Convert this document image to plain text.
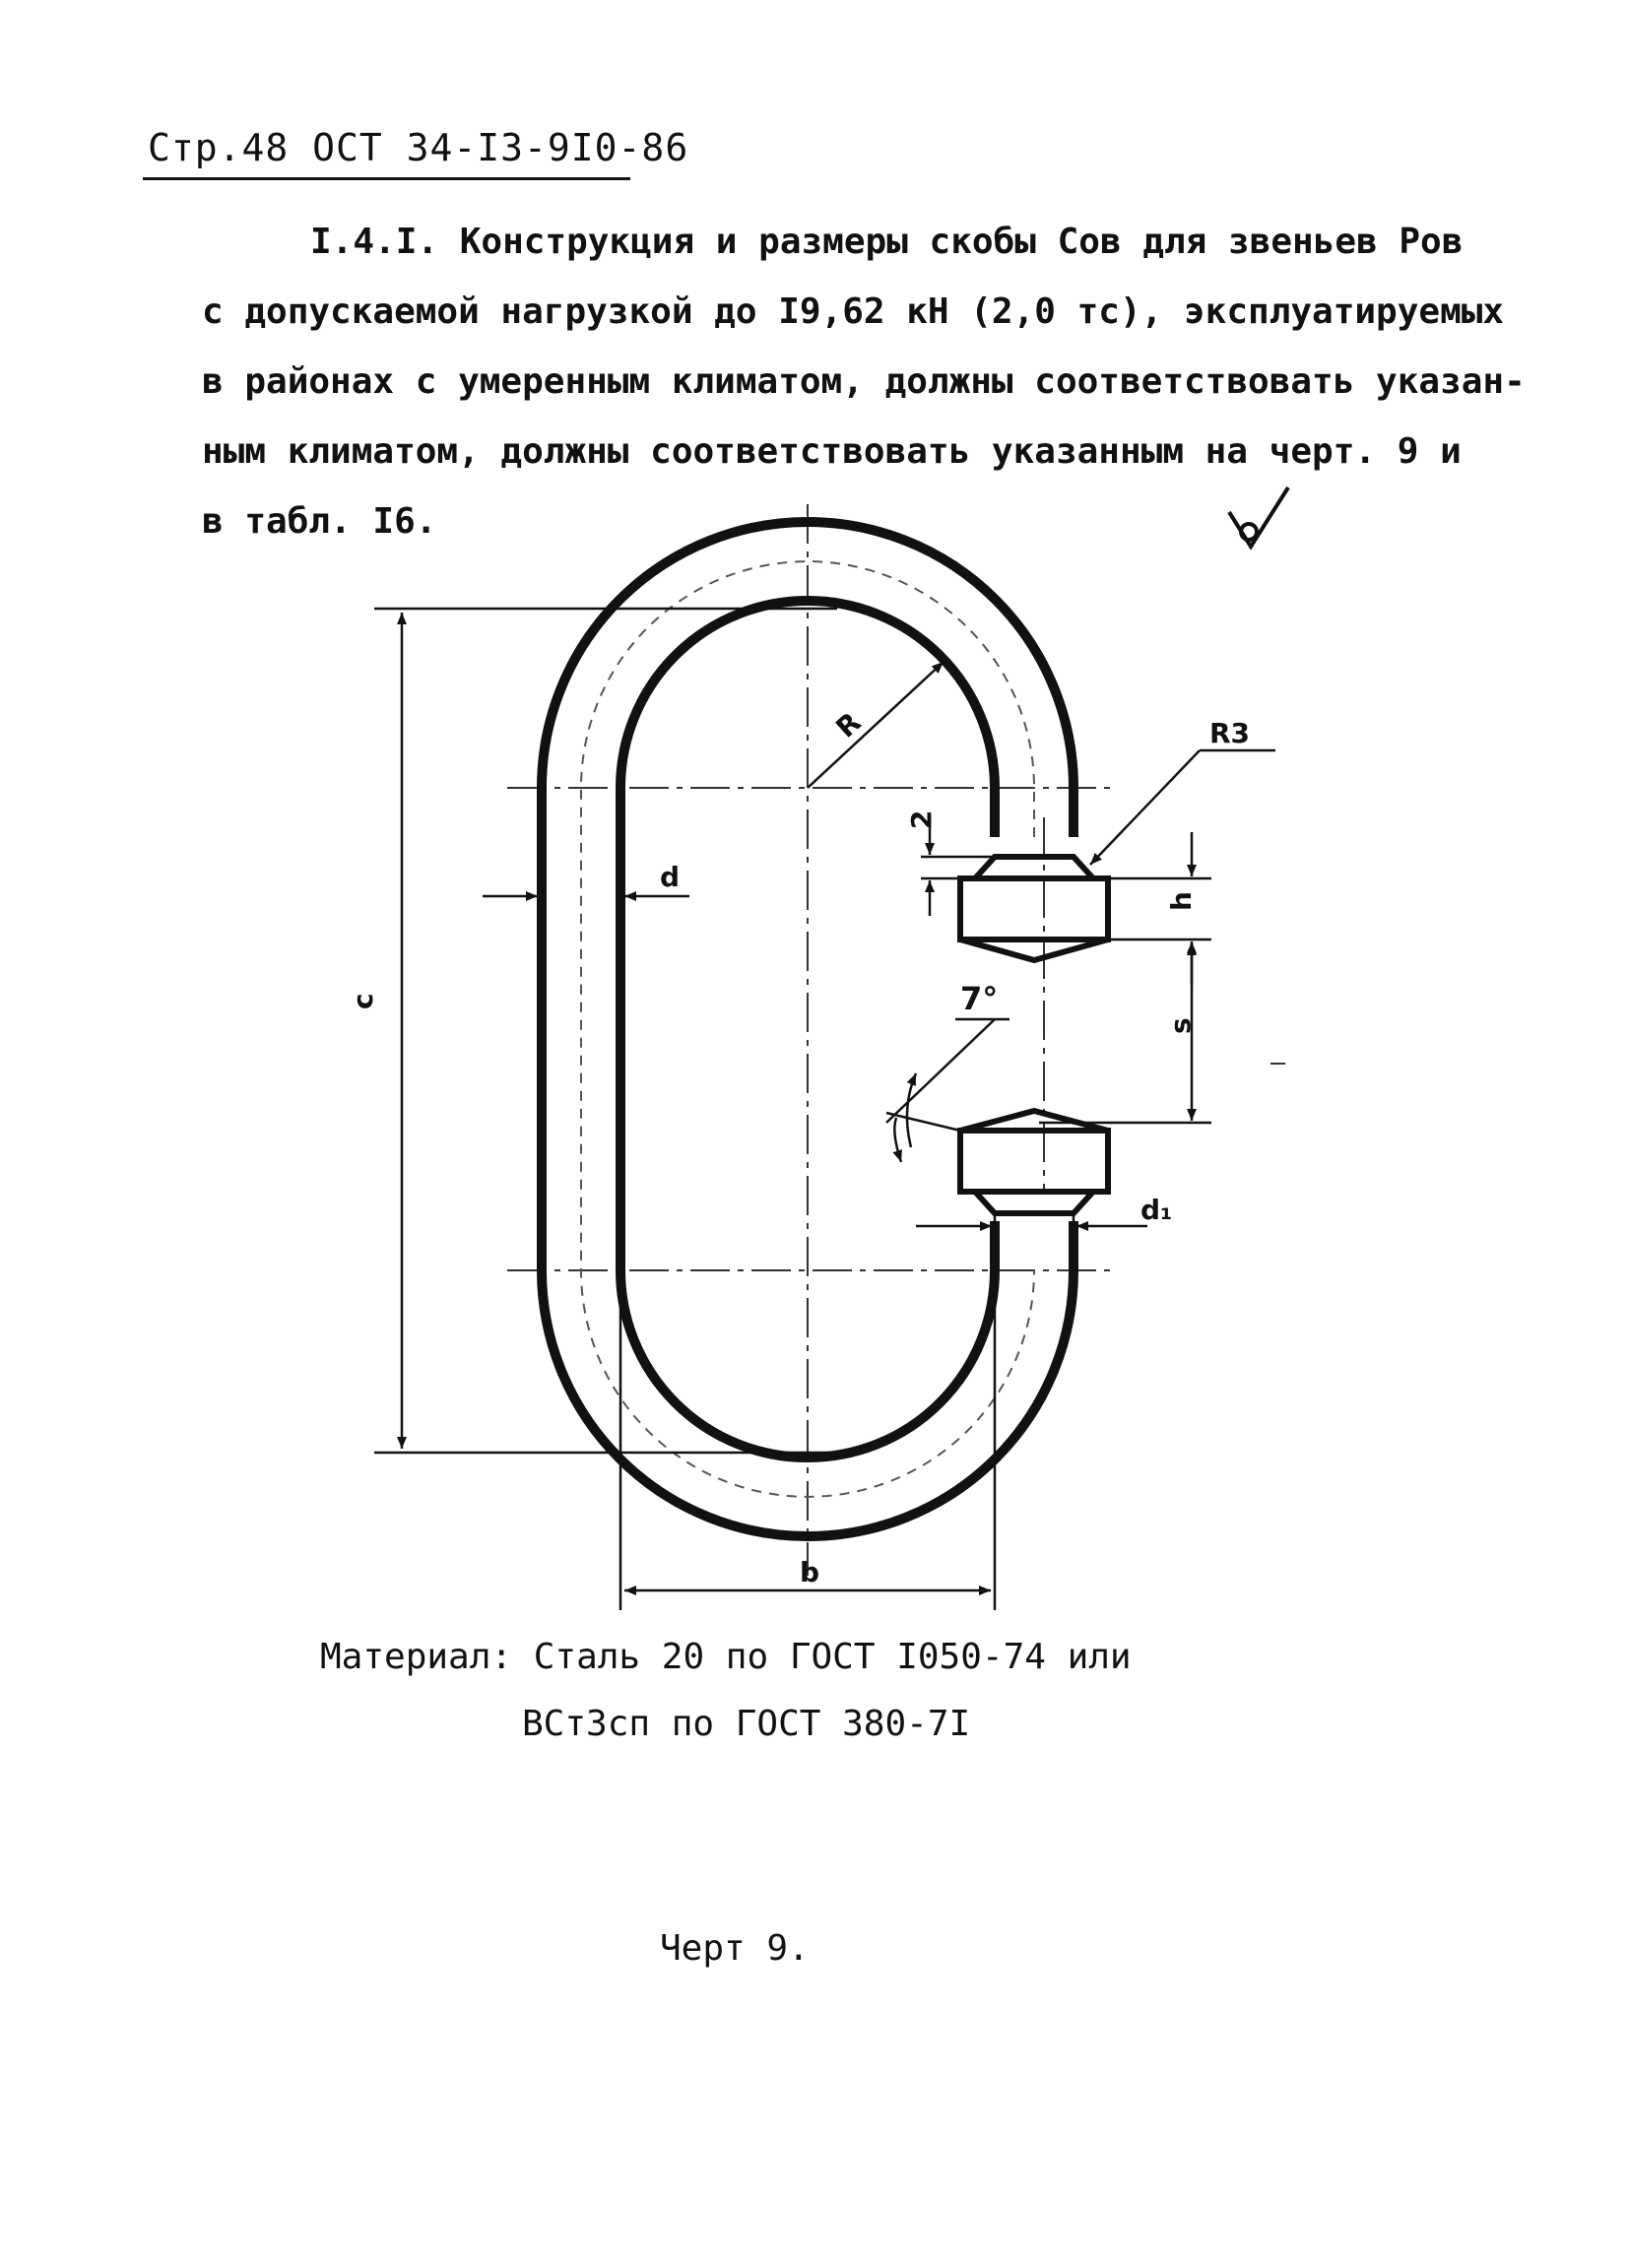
Стр.48 ОСТ 34-I3-9I0-86
I.4.I. Конструкция и размеры скобы Сов для звеньев Ров
с допускаемой нагрузкой до I9,62 кН (2,0 тс), эксплуатируемых
в районах с умеренным климатом, должны соответствовать указан-
ным климатом, должны соответствовать указанным на черт. 9 и
в табл. I6.
c
R	R3
2
d
h
s
7°
d₁
b
Материал: Сталь 20 по ГОСТ I050-74 или
ВСт3сп по ГОСТ 380-7I
Черт 9.
